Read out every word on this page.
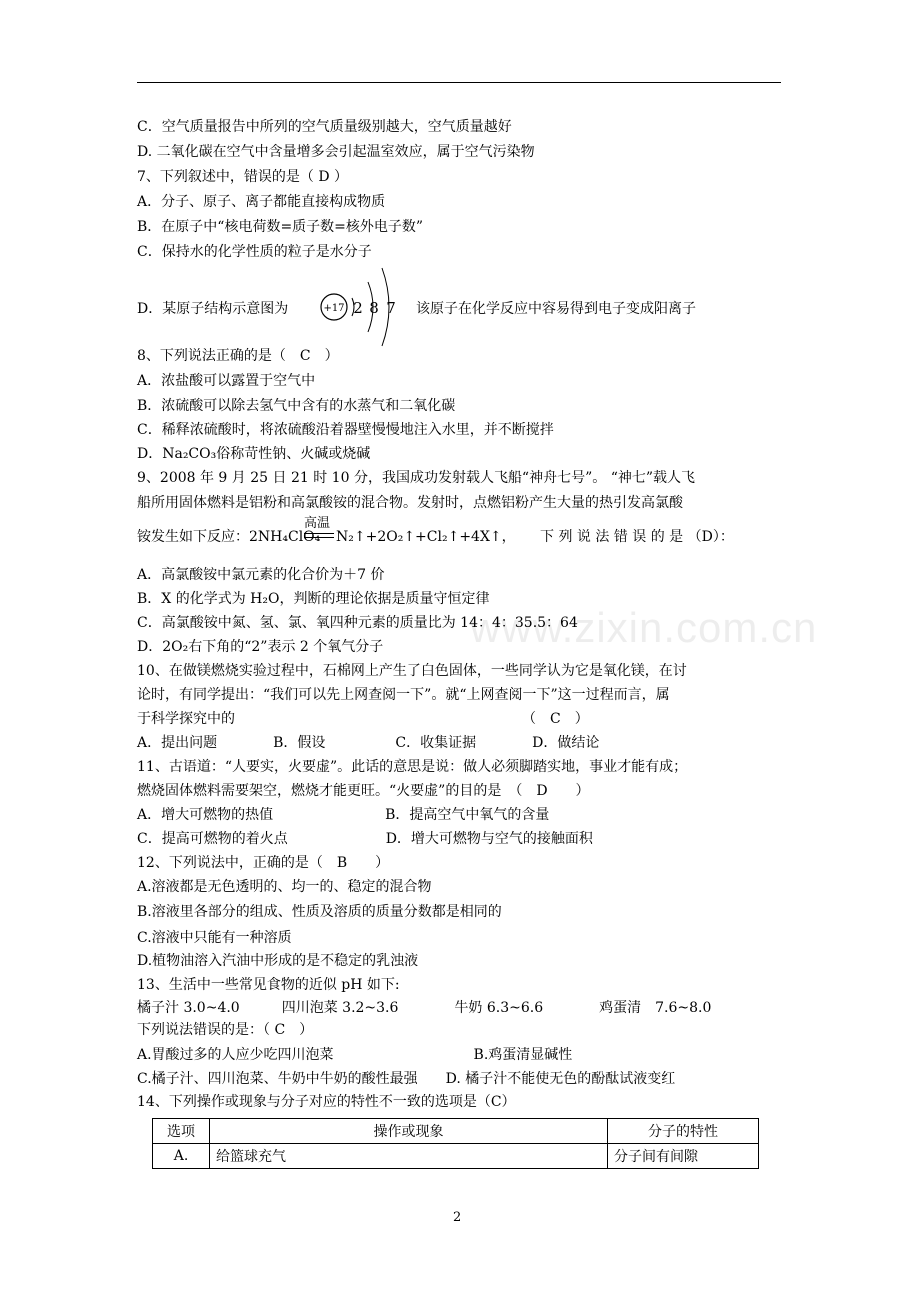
www.zixin.com.cn
C．空气质量报告中所列的空气质量级别越大，空气质量越好
D. 二氧化碳在空气中含量增多会引起温室效应，属于空气污染物
7、下列叙述中，错误的是（ D ）
A．分子、原子、离子都能直接构成物质
B．在原子中“核电荷数=质子数=核外电子数”
C．保持水的化学性质的粒子是水分子
D．某原子结构示意图为	+17 2 8 7 该原子在化学反应中容易得到电子变成阳离子
8、下列说法正确的是（　C　）
A．浓盐酸可以露置于空气中
B．浓硫酸可以除去氢气中含有的水蒸气和二氧化碳
C．稀释浓硫酸时，将浓硫酸沿着器壁慢慢地注入水里，并不断搅拌
D．Na₂CO₃俗称苛性钠、火碱或烧碱
9、2008 年 9 月 25 日 21 时 10 分，我国成功发射载人飞船“神舟七号”。 “神七”载人飞
船所用固体燃料是铝粉和高氯酸铵的混合物。发射时，点燃铝粉产生大量的热引发高氯酸
铵发生如下反应：2NH₄ClO₄
高温
N₂↑+2O₂↑+Cl₂↑+4X↑， 下 列 说 法 错 误 的 是 （D）：
A．高氯酸铵中氯元素的化合价为＋7 价
B．X 的化学式为 H₂O，判断的理论依据是质量守恒定律
C．高氯酸铵中氮、氢、氯、氧四种元素的质量比为 14：4：35.5：64
D．2O₂右下角的“2”表示 2 个氧气分子
10、在做镁燃烧实验过程中，石棉网上产生了白色固体，一些同学认为它是氧化镁，在讨
论时，有同学提出：“我们可以先上网查阅一下”。就“上网查阅一下”这一过程而言，属
于科学探究中的　　　　　　　　　　　　　　　　　　　　　（　C　）
A．提出问题　　　　B．假设　　　　　C．收集证据　　　　D．做结论
11、古语道：“人要实，火要虚”。此话的意思是说：做人必须脚踏实地，事业才能有成；
燃烧固体燃料需要架空，燃烧才能更旺。“火要虚”的目的是　（　D　　）
A．增大可燃物的热值　　　　　　　　B．提高空气中氧气的含量
C．提高可燃物的着火点　　　　　　　D．增大可燃物与空气的接触面积
12、下列说法中，正确的是（　B　　）
A.溶液都是无色透明的、均一的、稳定的混合物
B.溶液里各部分的组成、性质及溶质的质量分数都是相同的
C.溶液中只能有一种溶质
D.植物油溶入汽油中形成的是不稳定的乳浊液
13、生活中一些常见食物的近似 pH 如下:
橘子汁 3.0~4.0　　　四川泡菜 3.2~3.6　　　　牛奶 6.3~6.6　　　　鸡蛋清　7.6~8.0
下列说法错误的是：（ C　）
A.胃酸过多的人应少吃四川泡菜　　　　　　　　　　B.鸡蛋清显碱性
C.橘子汁、四川泡菜、牛奶中牛奶的酸性最强　　D. 橘子汁不能使无色的酚酞试液变红
14、下列操作或现象与分子对应的特性不一致的选项是（C）
选项	操作或现象	分子的特性
A.	给篮球充气	分子间有间隙
2
